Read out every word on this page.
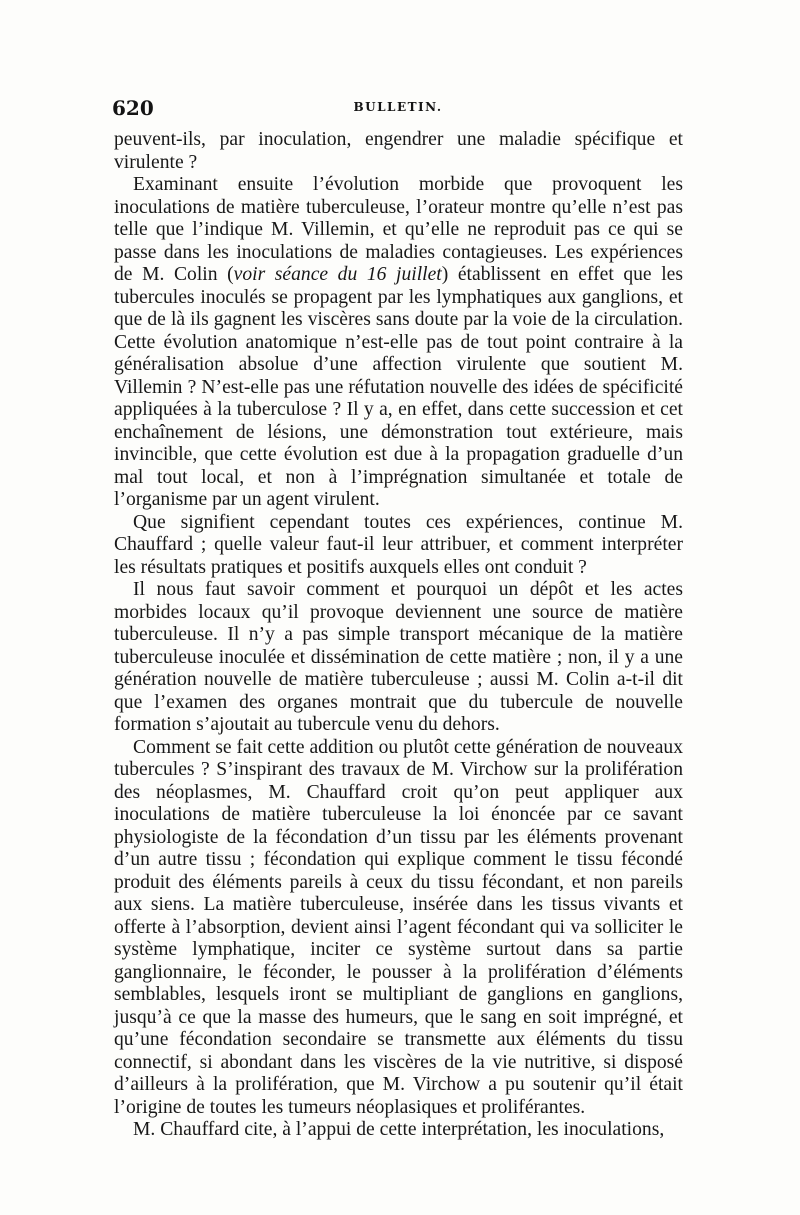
620	BULLETIN.

peuvent-ils, par inoculation, engendrer une maladie spécifique et virulente ?

Examinant ensuite l’évolution morbide que provoquent les inoculations de matière tuberculeuse, l’orateur montre qu’elle n’est pas telle que l’indique M. Villemin, et qu’elle ne reproduit pas ce qui se passe dans les inoculations de maladies contagieuses. Les expériences de M. Colin (voir séance du 16 juillet) établissent en effet que les tubercules inoculés se propagent par les lymphatiques aux ganglions, et que de là ils gagnent les viscères sans doute par la voie de la circulation. Cette évolution anatomique n’est-elle pas de tout point contraire à la généralisation absolue d’une affection virulente que soutient M. Villemin ? N’est-elle pas une réfutation nouvelle des idées de spécificité appliquées à la tuberculose ? Il y a, en effet, dans cette succession et cet enchaînement de lésions, une démonstration tout extérieure, mais invincible, que cette évolution est due à la propagation graduelle d’un mal tout local, et non à l’imprégnation simultanée et totale de l’organisme par un agent virulent.

Que signifient cependant toutes ces expériences, continue M. Chauffard ; quelle valeur faut-il leur attribuer, et comment interpréter les résultats pratiques et positifs auxquels elles ont conduit ?

Il nous faut savoir comment et pourquoi un dépôt et les actes morbides locaux qu’il provoque deviennent une source de matière tuberculeuse. Il n’y a pas simple transport mécanique de la matière tuberculeuse inoculée et dissémination de cette matière ; non, il y a une génération nouvelle de matière tuberculeuse ; aussi M. Colin a-t-il dit que l’examen des organes montrait que du tubercule de nouvelle formation s’ajoutait au tubercule venu du dehors.

Comment se fait cette addition ou plutôt cette génération de nouveaux tubercules ? S’inspirant des travaux de M. Virchow sur la prolifération des néoplasmes, M. Chauffard croit qu’on peut appliquer aux inoculations de matière tuberculeuse la loi énoncée par ce savant physiologiste de la fécondation d’un tissu par les éléments provenant d’un autre tissu ; fécondation qui explique comment le tissu fécondé produit des éléments pareils à ceux du tissu fécondant, et non pareils aux siens. La matière tuberculeuse, insérée dans les tissus vivants et offerte à l’absorption, devient ainsi l’agent fécondant qui va solliciter le système lymphatique, inciter ce système surtout dans sa partie ganglionnaire, le féconder, le pousser à la prolifération d’éléments semblables, lesquels iront se multipliant de ganglions en ganglions, jusqu’à ce que la masse des humeurs, que le sang en soit imprégné, et qu’une fécondation secondaire se transmette aux éléments du tissu connectif, si abondant dans les viscères de la vie nutritive, si disposé d’ailleurs à la prolifération, que M. Virchow a pu soutenir qu’il était l’origine de toutes les tumeurs néoplasiques et proliférantes.

M. Chauffard cite, à l’appui de cette interprétation, les inoculations,
